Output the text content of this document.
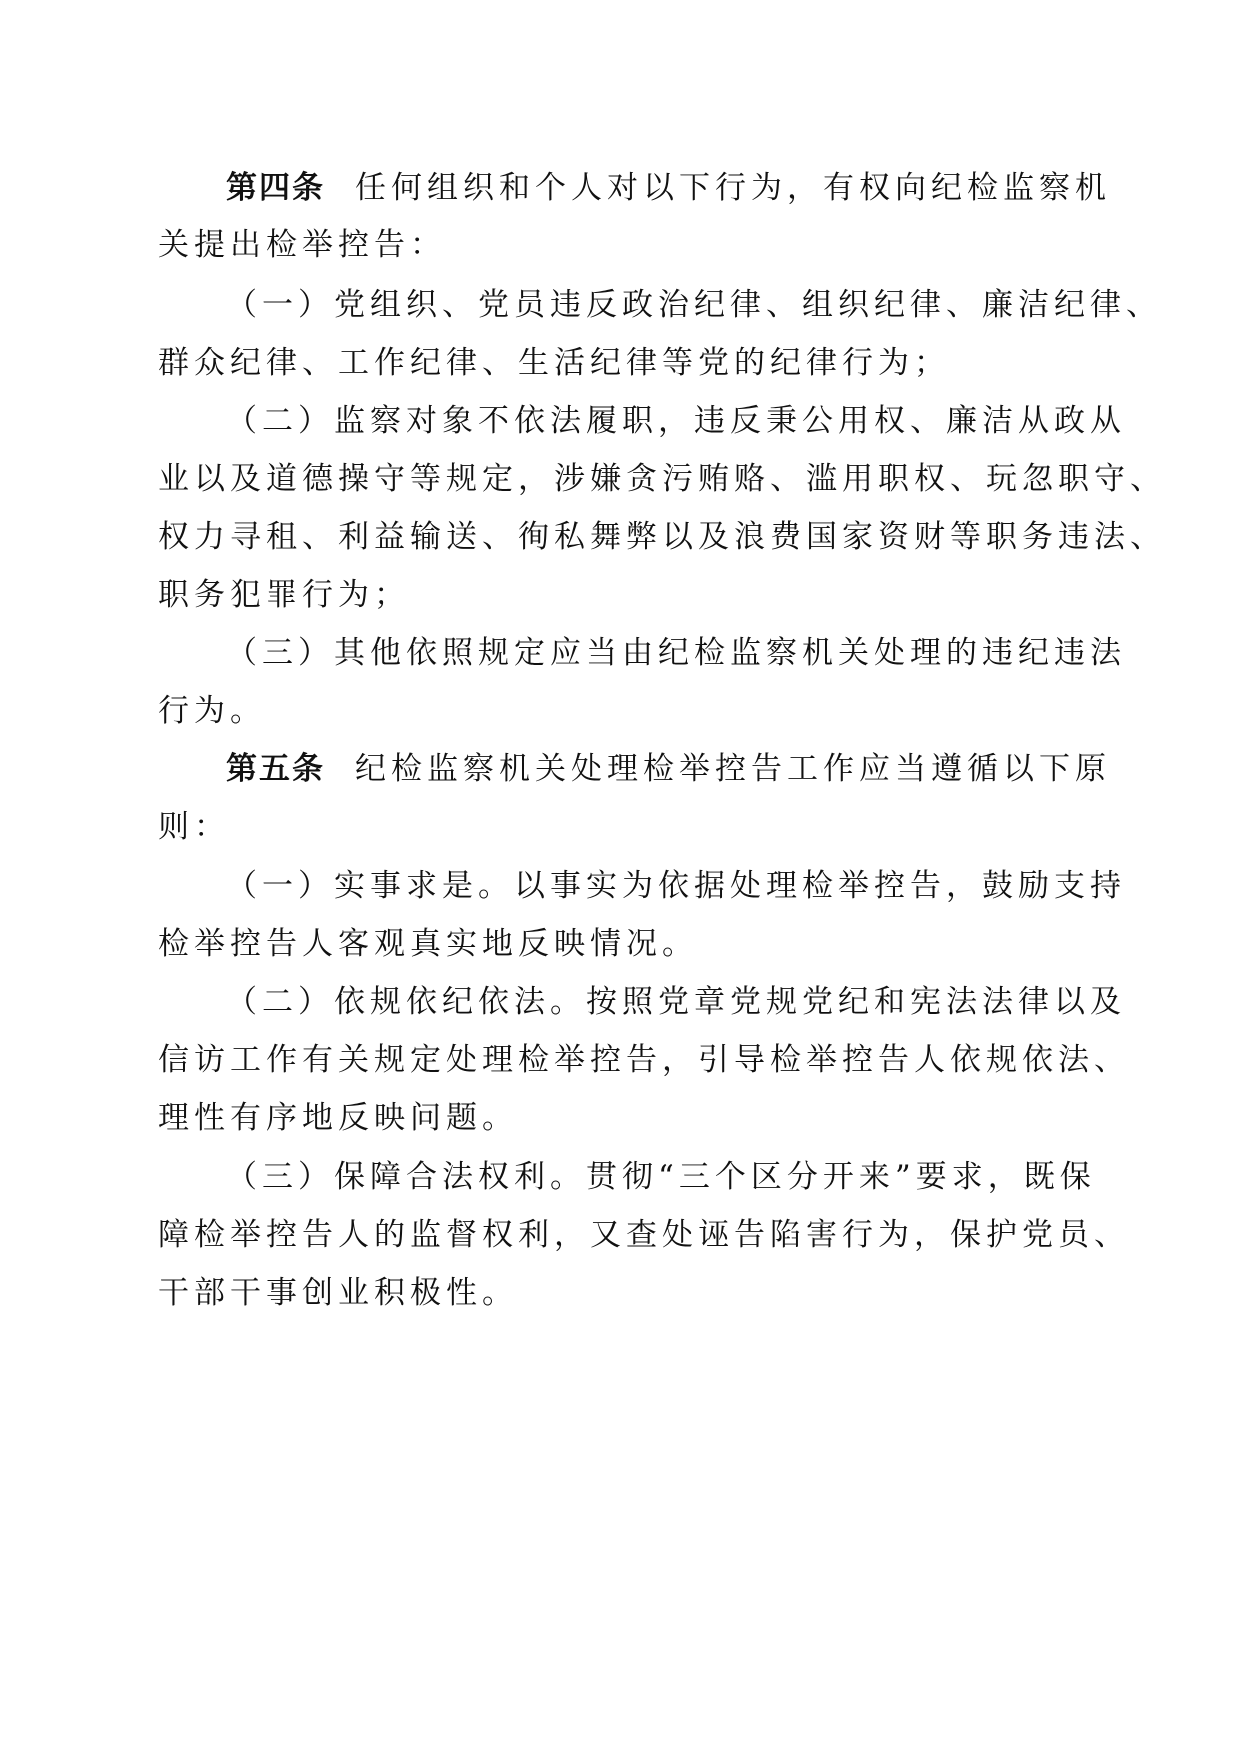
第四条 任何组织和个人对以下行为，有权向纪检监察机
关提出检举控告：
（一）党组织、党员违反政治纪律、组织纪律、廉洁纪律、
群众纪律、工作纪律、生活纪律等党的纪律行为；
（二）监察对象不依法履职，违反秉公用权、廉洁从政从
业以及道德操守等规定，涉嫌贪污贿赂、滥用职权、玩忽职守、
权力寻租、利益输送、徇私舞弊以及浪费国家资财等职务违法、
职务犯罪行为；
（三）其他依照规定应当由纪检监察机关处理的违纪违法
行为。
第五条 纪检监察机关处理检举控告工作应当遵循以下原
则：
（一）实事求是。以事实为依据处理检举控告，鼓励支持
检举控告人客观真实地反映情况。
（二）依规依纪依法。按照党章党规党纪和宪法法律以及
信访工作有关规定处理检举控告，引导检举控告人依规依法、
理性有序地反映问题。
（三）保障合法权利。贯彻“三个区分开来”要求，既保
障检举控告人的监督权利，又查处诬告陷害行为，保护党员、
干部干事创业积极性。
